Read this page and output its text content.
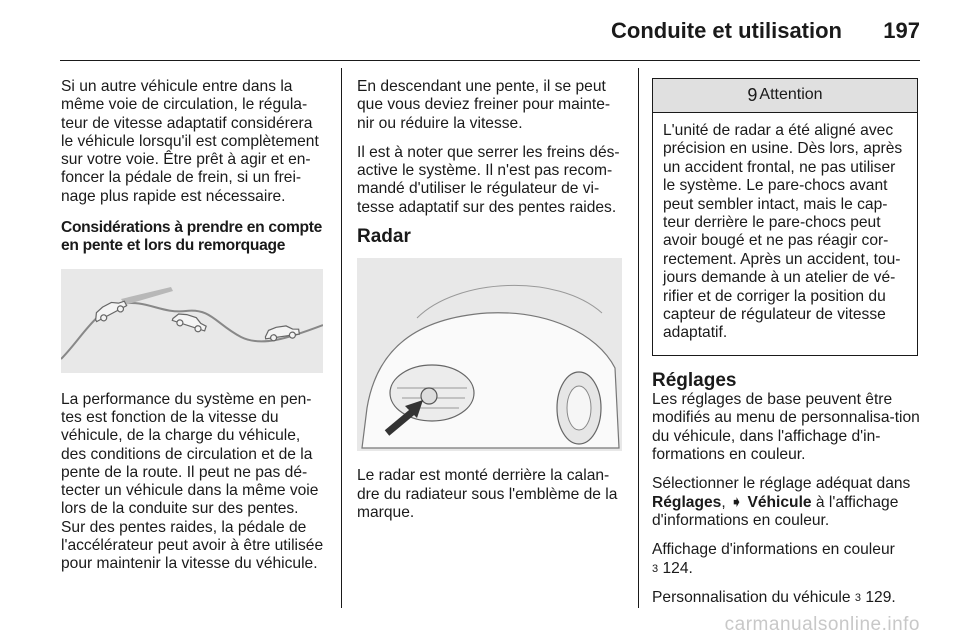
Conduite et utilisation 197

Si un autre véhicule entre dans la même voie de circulation, le régula-teur de vitesse adaptatif considérera le véhicule lorsqu'il est complètement sur votre voie. Être prêt à agir et en-foncer la pédale de frein, si un frei-nage plus rapide est nécessaire.

Considérations à prendre en compte en pente et lors du remorquage

La performance du système en pen-tes est fonction de la vitesse du véhicule, de la charge du véhicule, des conditions de circulation et de la pente de la route. Il peut ne pas dé-tecter un véhicule dans la même voie lors de la conduite sur des pentes. Sur des pentes raides, la pédale de l'accélérateur peut avoir à être utilisée pour maintenir la vitesse du véhicule.

En descendant une pente, il se peut que vous deviez freiner pour mainte-nir ou réduire la vitesse.

Il est à noter que serrer les freins dés-active le système. Il n'est pas recom-mandé d'utiliser le régulateur de vi-tesse adaptatif sur des pentes raides.

Radar

Le radar est monté derrière la calan-dre du radiateur sous l'emblème de la marque.

9 Attention
L'unité de radar a été aligné avec précision en usine. Dès lors, après un accident frontal, ne pas utiliser le système. Le pare-chocs avant peut sembler intact, mais le cap-teur derrière le pare-chocs peut avoir bougé et ne pas réagir cor-rectement. Après un accident, tou-jours demande à un atelier de vé-rifier et de corriger la position du capteur de régulateur de vitesse adaptatif.
Réglages

Les réglages de base peuvent être modifiés au menu de personnalisa-tion du véhicule, dans l'affichage d'in-formations en couleur.

Sélectionner le réglage adéquat dans Réglages, ➧ Véhicule à l'affichage d'informations en couleur.

Affichage d'informations en couleur
3 124.

Personnalisation du véhicule 3 129.

carmanualsonline.info
